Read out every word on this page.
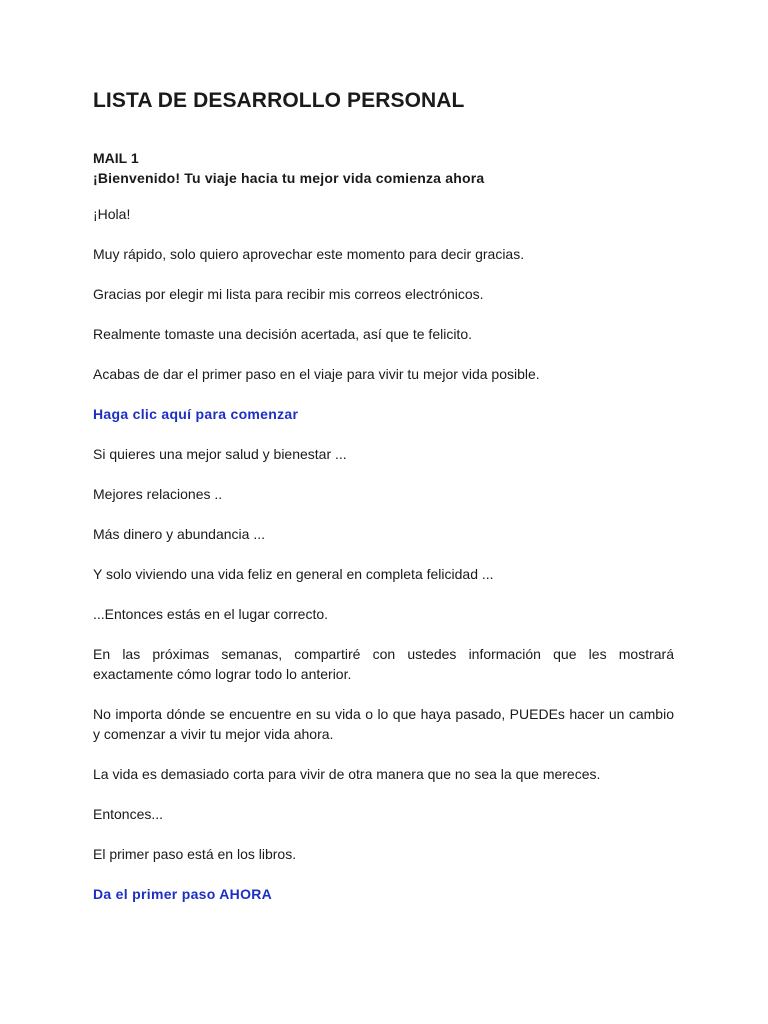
LISTA DE DESARROLLO PERSONAL
MAIL 1
¡Bienvenido! Tu viaje hacia tu mejor vida comienza ahora

¡Hola!

Muy rápido, solo quiero aprovechar este momento para decir gracias.

Gracias por elegir mi lista para recibir mis correos electrónicos.

Realmente tomaste una decisión acertada, así que te felicito.

Acabas de dar el primer paso en el viaje para vivir tu mejor vida posible.

Haga clic aquí para comenzar

Si quieres una mejor salud y bienestar ...

Mejores relaciones ..

Más dinero y abundancia ...

Y solo viviendo una vida feliz en general en completa felicidad ...

...Entonces estás en el lugar correcto.

En las próximas semanas, compartiré con ustedes información que les mostrará exactamente cómo lograr todo lo anterior.

No importa dónde se encuentre en su vida o lo que haya pasado, PUEDEs hacer un cambio y comenzar a vivir tu mejor vida ahora.

La vida es demasiado corta para vivir de otra manera que no sea la que mereces.

Entonces...

El primer paso está en los libros.

Da el primer paso AHORA
